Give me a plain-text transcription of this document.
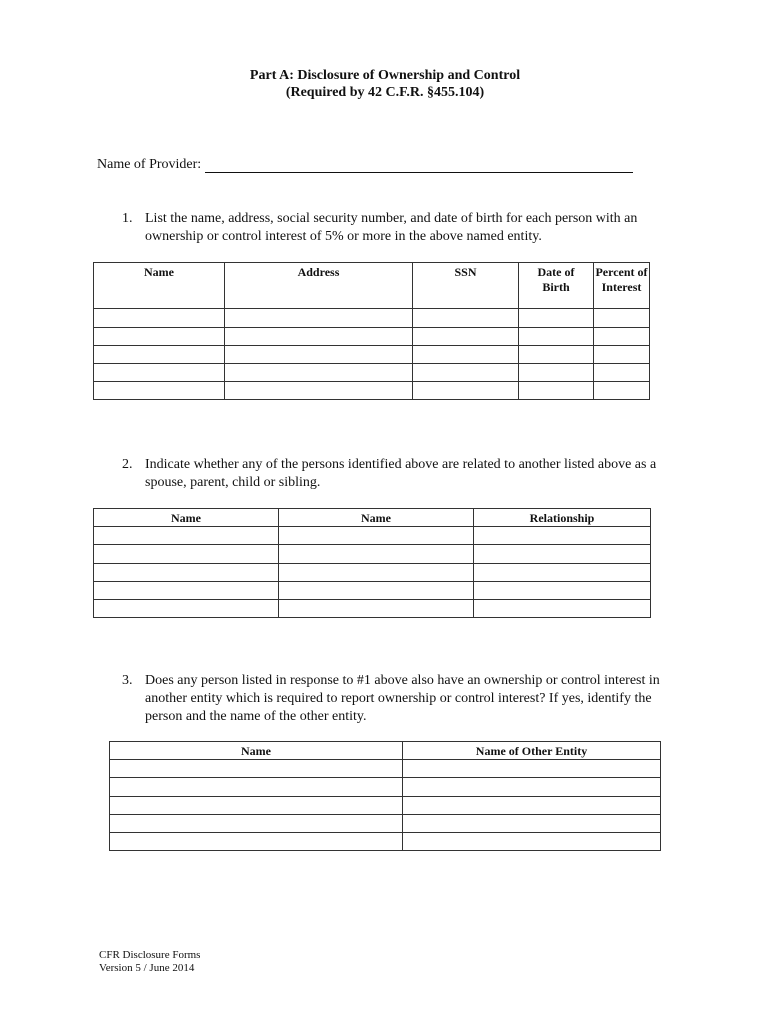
Part A: Disclosure of Ownership and Control
(Required by 42 C.F.R. §455.104)
Name of Provider:
1. List the name, address, social security number, and date of birth for each person with an ownership or control interest of 5% or more in the above named entity.
Name	Address	SSN	Date of Birth	Percent of Interest

2. Indicate whether any of the persons identified above are related to another listed above as a spouse, parent, child or sibling.
Name	Name	Relationship

3. Does any person listed in response to #1 above also have an ownership or control interest in another entity which is required to report ownership or control interest? If yes, identify the person and the name of the other entity.
Name	Name of Other Entity

CFR Disclosure Forms
Version 5 / June 2014
